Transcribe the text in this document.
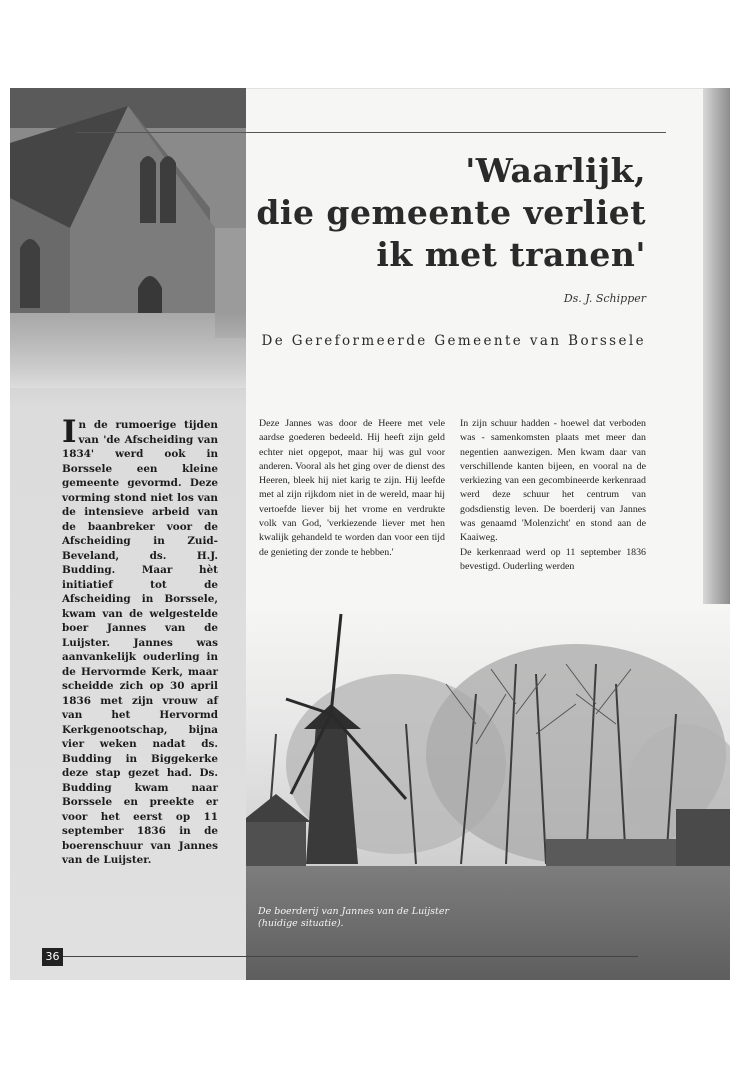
'Waarlijk,
die gemeente verliet
ik met tranen'
Ds. J. Schipper
De Gereformeerde Gemeente van Borssele
In de rumoerige tijden van 'de Afscheiding van 1834' werd ook in Borssele een kleine gemeente gevormd. Deze vorming stond niet los van de intensieve arbeid van de baanbreker voor de Afscheiding in Zuid-Beveland, ds. H.J. Budding. Maar hèt initiatief tot de Afscheiding in Borssele, kwam van de welgestelde boer Jannes van de Luijster. Jannes was aanvankelijk ouderling in de Hervormde Kerk, maar scheidde zich op 30 april 1836 met zijn vrouw af van het Hervormd Kerkgenootschap, bijna vier weken nadat ds. Budding in Biggekerke deze stap gezet had. Ds. Budding kwam naar Borssele en preekte er voor het eerst op 11 september 1836 in de boerenschuur van Jannes van de Luijster.

Deze Jannes was door de Heere met vele aardse goederen bedeeld. Hij heeft zijn geld echter niet opgepot, maar hij was gul voor anderen. Vooral als het ging over de dienst des Heeren, bleek hij niet karig te zijn. Hij leefde met al zijn rijkdom niet in de wereld, maar hij vertoefde liever bij het vrome en verdrukte volk van God, 'verkiezende liever met hen kwalijk gehandeld te worden dan voor een tijd de genieting der zonde te hebben.'

In zijn schuur hadden - hoewel dat verboden was - samenkomsten plaats met meer dan negentien aanwezigen. Men kwam daar van verschillende kanten bijeen, en vooral na de verkiezing van een gecombineerde kerkenraad werd deze schuur het centrum van godsdienstig leven. De boerderij van Jannes was genaamd 'Molenzicht' en stond aan de Kaaiweg.

De kerkenraad werd op 11 september 1836 bevestigd. Ouderling werden

De boerderij van Jannes van de Luijster
(huidige situatie).
36
